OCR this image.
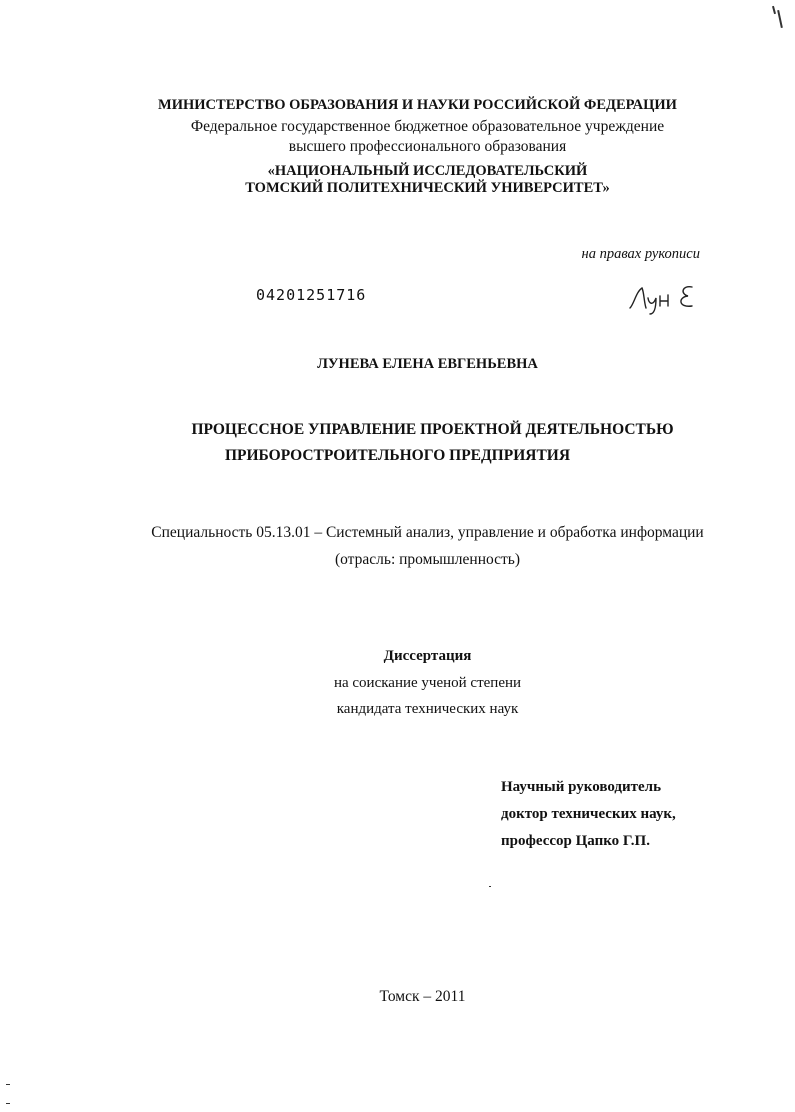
МИНИСТЕРСТВО ОБРАЗОВАНИЯ И НАУКИ РОССИЙСКОЙ ФЕДЕРАЦИИ
Федеральное государственное бюджетное образовательное учреждение
высшего профессионального образования
«НАЦИОНАЛЬНЫЙ ИССЛЕДОВАТЕЛЬСКИЙ
ТОМСКИЙ ПОЛИТЕХНИЧЕСКИЙ УНИВЕРСИТЕТ»
на правах рукописи
04201251716
ЛУНЕВА ЕЛЕНА ЕВГЕНЬЕВНА
ПРОЦЕССНОЕ УПРАВЛЕНИЕ ПРОЕКТНОЙ ДЕЯТЕЛЬНОСТЬЮ
ПРИБОРОСТРОИТЕЛЬНОГО ПРЕДПРИЯТИЯ
Специальность 05.13.01 – Системный анализ, управление и обработка информации
(отрасль: промышленность)
Диссертация
на соискание ученой степени
кандидата технических наук
Научный руководитель
доктор технических наук,
профессор Цапко Г.П.
Томск – 2011
